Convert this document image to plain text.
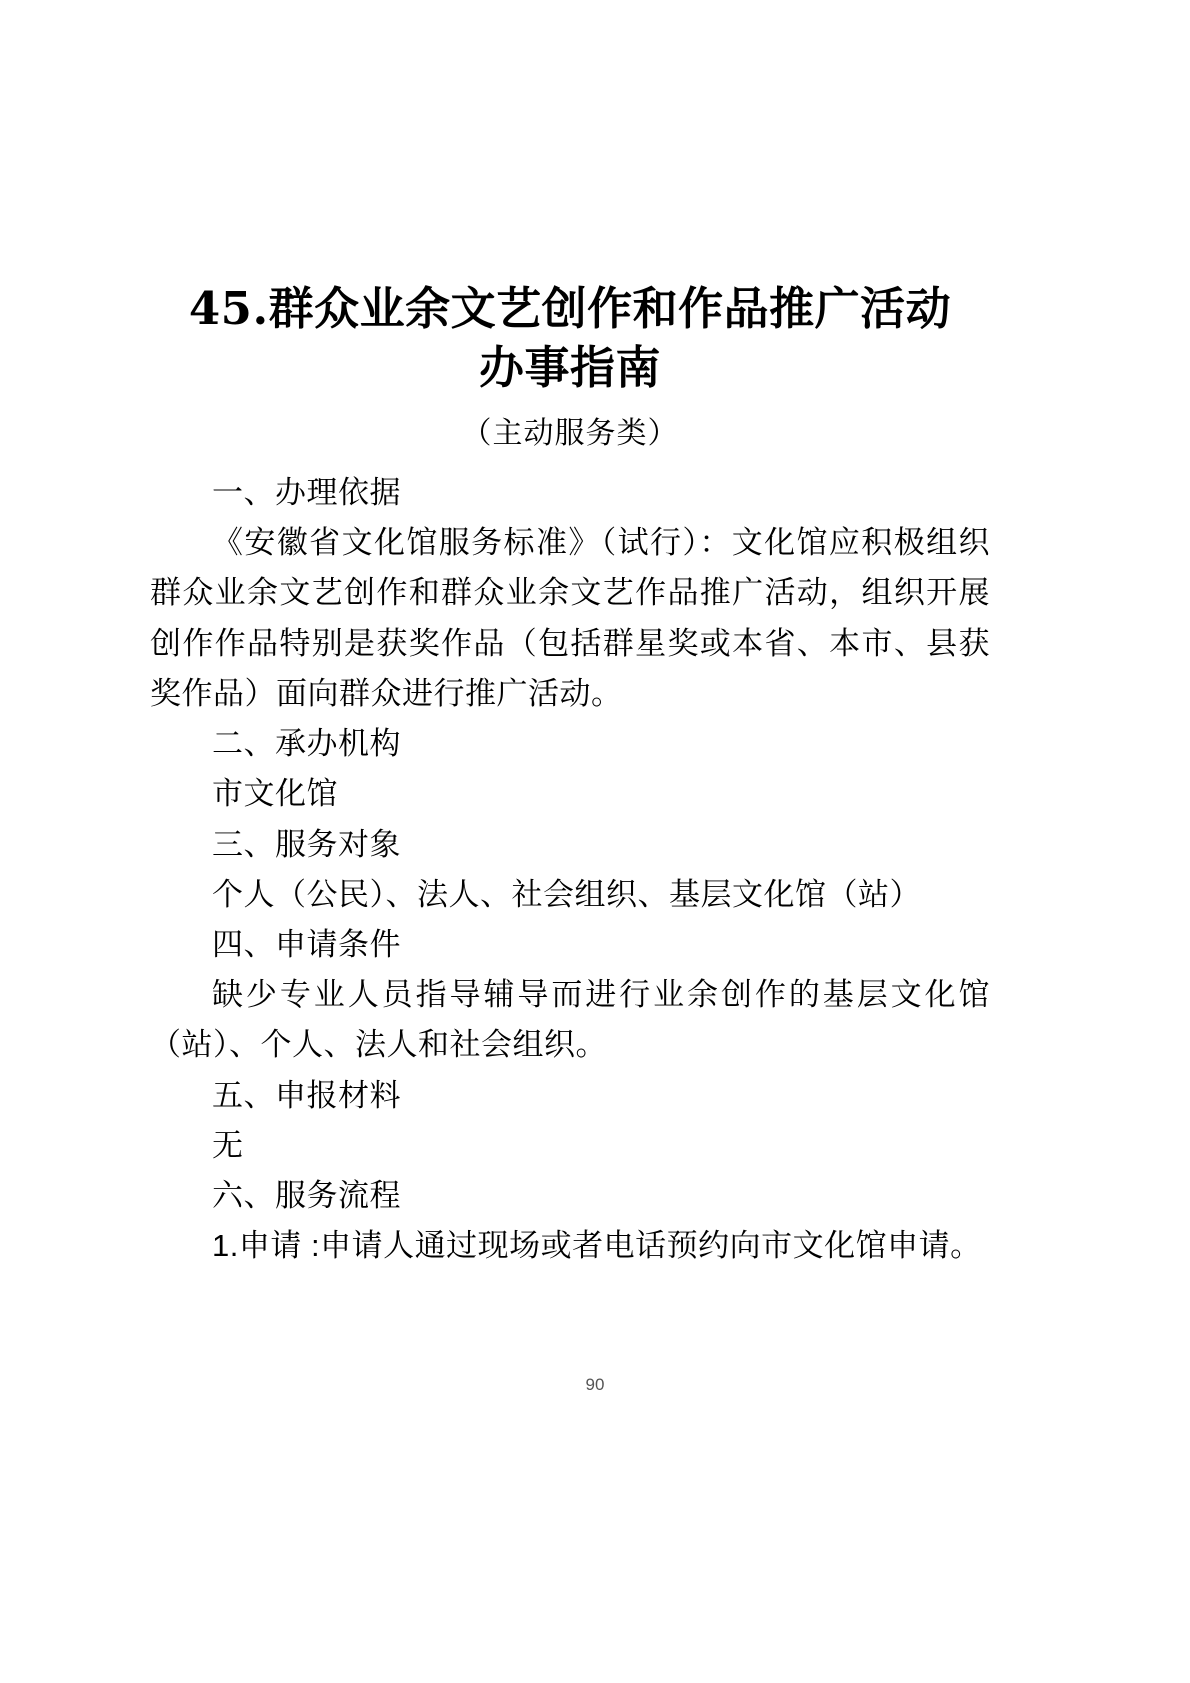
45.群众业余文艺创作和作品推广活动办事指南
（主动服务类）
一、办理依据

《安徽省文化馆服务标准》（试行）：文化馆应积极组织群众业余文艺创作和群众业余文艺作品推广活动，组织开展创作作品特别是获奖作品（包括群星奖或本省、本市、县获奖作品）面向群众进行推广活动。

二、承办机构

市文化馆

三、服务对象

个人（公民）、法人、社会组织、基层文化馆（站）

四、申请条件

缺少专业人员指导辅导而进行业余创作的基层文化馆（站）、个人、法人和社会组织。

五、申报材料

无

六、服务流程

1.申请 :申请人通过现场或者电话预约向市文化馆申请。

90
